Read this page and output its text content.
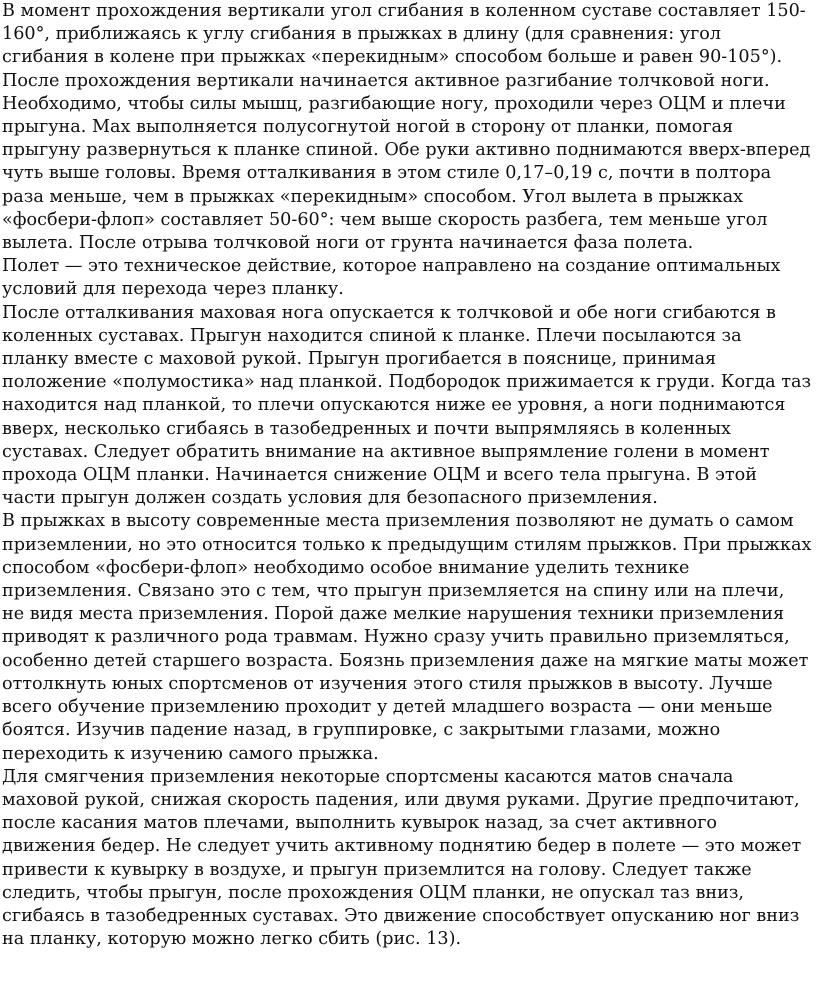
В момент прохождения вертикали угол сгибания в коленном суставе составляет 150-160°, приближаясь к углу сгибания в прыжках в длину (для сравнения: угол сгибания в колене при прыжках «перекидным» способом больше и равен 90-105°). После прохождения вертикали начинается активное разгибание толчковой ноги. Необходимо, чтобы силы мышц, разгибающие ногу, проходили через ОЦМ и плечи прыгуна. Мах выполняется полусогнутой ногой в сторону от планки, помогая прыгуну развернуться к планке спиной. Обе руки активно поднимаются вверх-вперед чуть выше головы. Время отталкивания в этом стиле 0,17–0,19 с, почти в полтора раза меньше, чем в прыжках «перекидным» способом. Угол вылета в прыжках «фосбери-флоп» составляет 50-60°: чем выше скорость разбега, тем меньше угол вылета. После отрыва толчковой ноги от грунта начинается фаза полета.

Полет — это техническое действие, которое направлено на создание оптимальных условий для перехода через планку.

После отталкивания маховая нога опускается к толчковой и обе ноги сгибаются в коленных суставах. Прыгун находится спиной к планке. Плечи посылаются за планку вместе с маховой рукой. Прыгун прогибается в пояснице, принимая положение «полумостика» над планкой. Подбородок прижимается к груди. Когда таз находится над планкой, то плечи опускаются ниже ее уровня, а ноги поднимаются вверх, несколько сгибаясь в тазобедренных и почти выпрямляясь в коленных суставах. Следует обратить внимание на активное выпрямление голени в момент прохода ОЦМ планки. Начинается снижение ОЦМ и всего тела прыгуна. В этой части прыгун должен создать условия для безопасного приземления.

В прыжках в высоту современные места приземления позволяют не думать о самом приземлении, но это относится только к предыдущим стилям прыжков. При прыжках способом «фосбери-флоп» необходимо особое внимание уделить технике приземления. Связано это с тем, что прыгун приземляется на спину или на плечи, не видя места приземления. Порой даже мелкие нарушения техники приземления приводят к различного рода травмам. Нужно сразу учить правильно приземляться, особенно детей старшего возраста. Боязнь приземления даже на мягкие маты может оттолкнуть юных спортсменов от изучения этого стиля прыжков в высоту. Лучше всего обучение приземлению проходит у детей младшего возраста — они меньше боятся. Изучив падение назад, в группировке, с закрытыми глазами, можно переходить к изучению самого прыжка.

Для смягчения приземления некоторые спортсмены касаются матов сначала маховой рукой, снижая скорость падения, или двумя руками. Другие предпочитают, после касания матов плечами, выполнить кувырок назад, за счет активного движения бедер. Не следует учить активному поднятию бедер в полете — это может привести к кувырку в воздухе, и прыгун приземлится на голову. Следует также следить, чтобы прыгун, после прохождения ОЦМ планки, не опускал таз вниз, сгибаясь в тазобедренных суставах. Это движение способствует опусканию ног вниз на планку, которую можно легко сбить (рис. 13).
